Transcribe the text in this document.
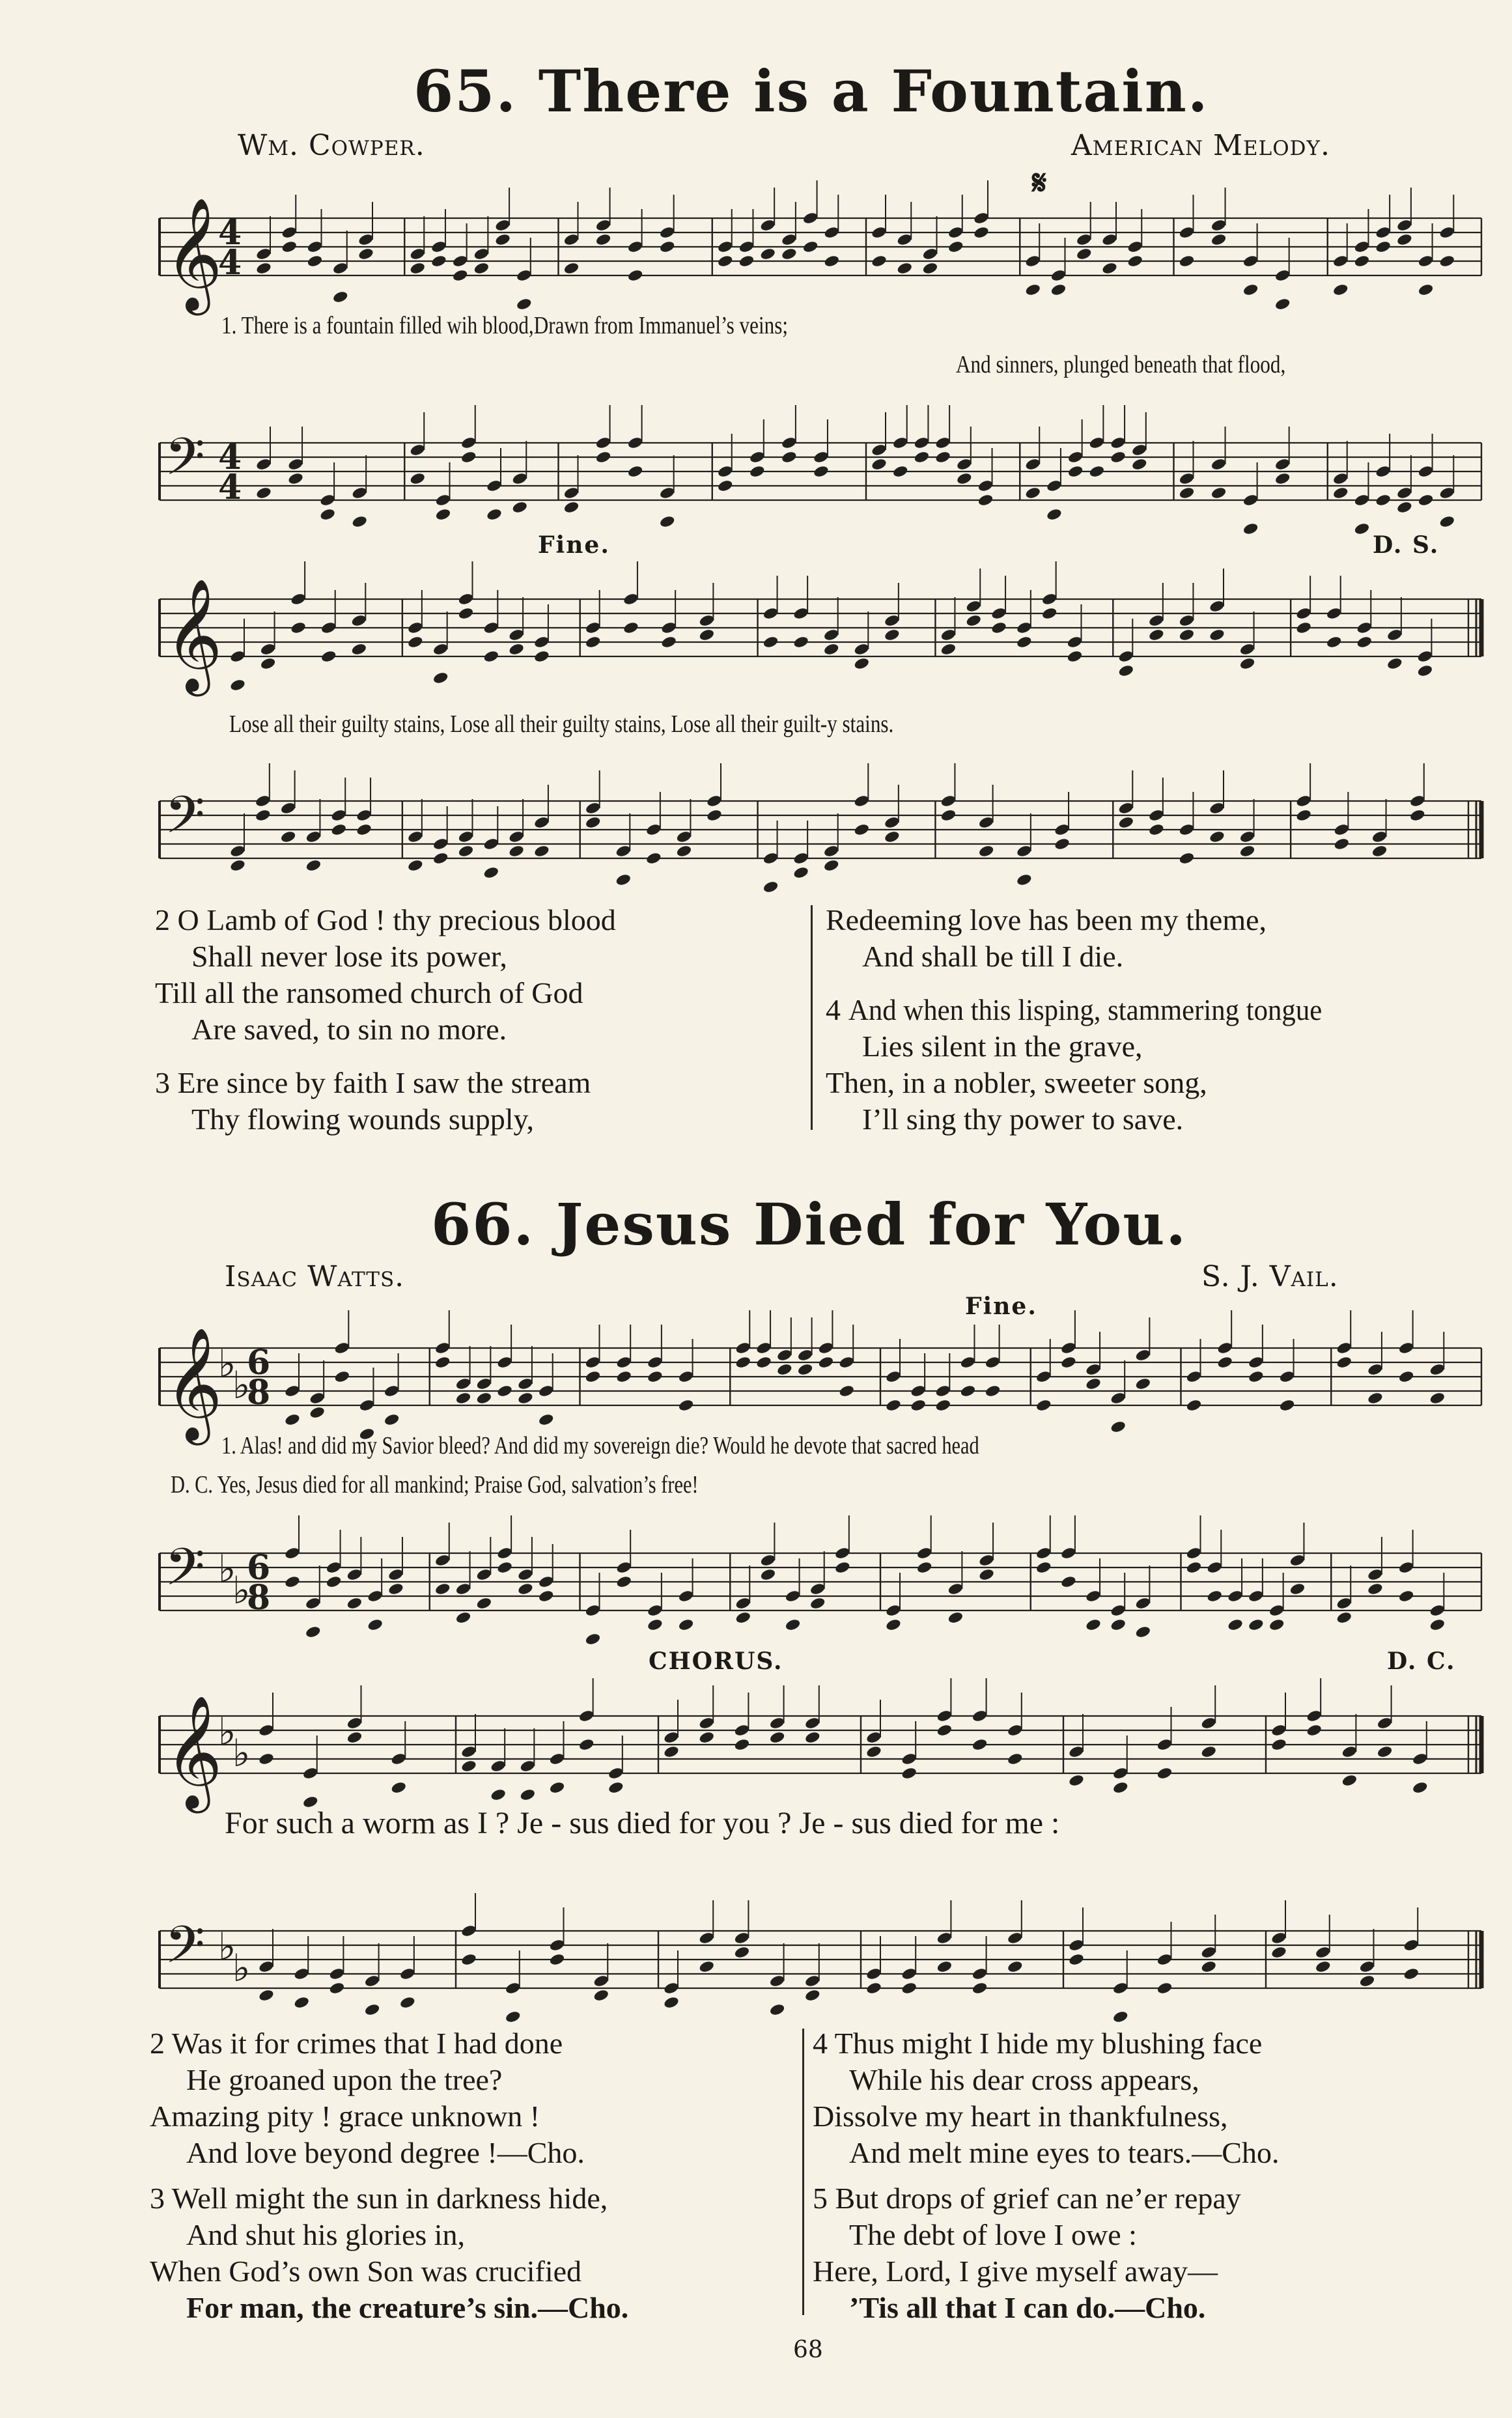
65. There is a Fountain.
Wm. Cowper.	American Melody.
𝄋
𝄞
4
4
1. There is a fountain filled wih blood,Drawn from Immanuel’s veins;
And sinners, plunged beneath that flood,
𝄢 4
4
Fine.	D. S.
𝄞
Lose all their guilty stains, Lose all their guilty stains, Lose all their guilt-y stains.
𝄢
2 O Lamb of God ! thy precious blood
Shall never lose its power,
Till all the ransomed church of God
Are saved, to sin no more.
3 Ere since by faith I saw the stream
Thy flowing wounds supply,
Redeeming love has been my theme,
And shall be till I die.
4 And when this lisping, stammering tongue
Lies silent in the grave,
Then, in a nobler, sweeter song,
I’ll sing thy power to save.
66. Jesus Died for You.
Isaac Watts.	S. J. Vail.
Fine.
𝄞
♭
♭
6
8
1. Alas! and did my Savior bleed? And did my sovereign die? Would he devote that sacred head
D. C. Yes, Jesus died for all mankind; Praise God, salvation’s free!
𝄢 ♭
♭
6
8
CHORUS.	D. C.
𝄞
♭
♭
For such a worm as I ? Je - sus died for you ? Je - sus died for me :
𝄢 ♭
♭
2 Was it for crimes that I had done
He groaned upon the tree?
Amazing pity ! grace unknown !
And love beyond degree !—Cho.
3 Well might the sun in darkness hide,
And shut his glories in,
When God’s own Son was crucified
For man, the creature’s sin.—Cho.
4 Thus might I hide my blushing face
While his dear cross appears,
Dissolve my heart in thankfulness,
And melt mine eyes to tears.—Cho.
5 But drops of grief can ne’er repay
The debt of love I owe :
Here, Lord, I give myself away—
’Tis all that I can do.—Cho.
68
